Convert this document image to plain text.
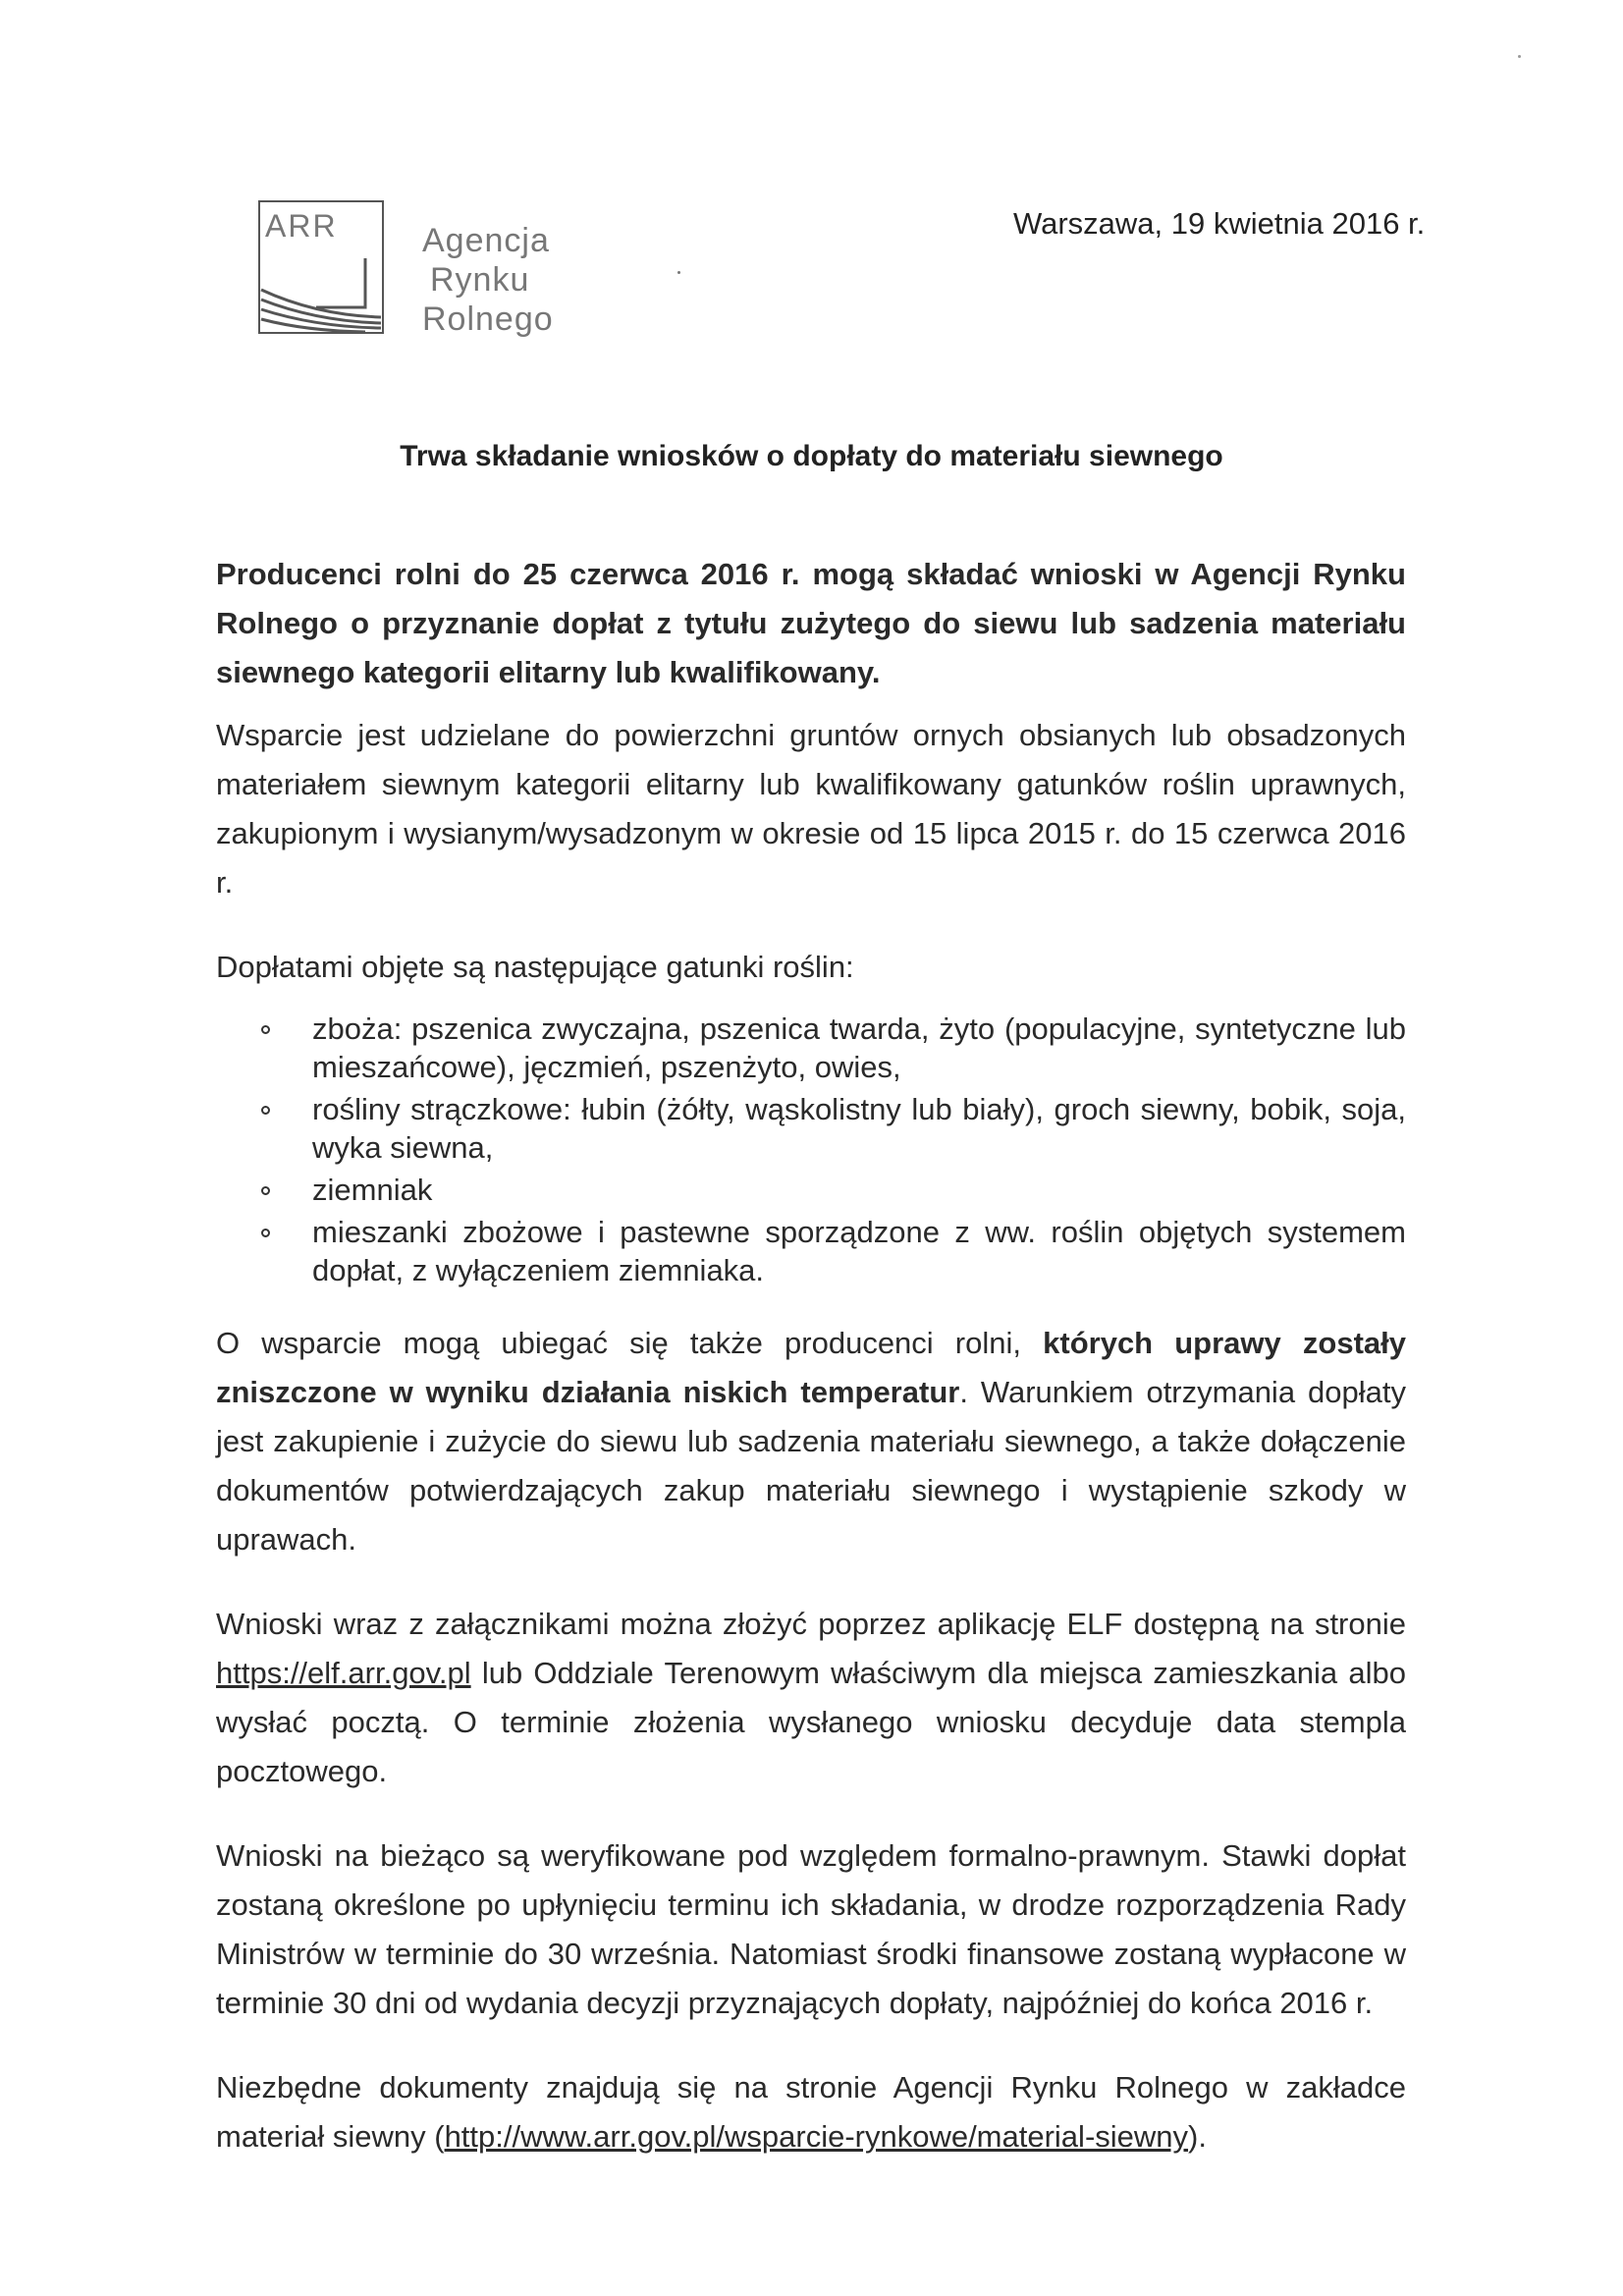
ARR	Agencja
Rynku
Rolnego
Warszawa, 19 kwietnia 2016 r.
Trwa składanie wniosków o dopłaty do materiału siewnego

Producenci rolni do 25 czerwca 2016 r. mogą składać wnioski w Agencji Rynku Rolnego o przyznanie dopłat z tytułu zużytego do siewu lub sadzenia materiału siewnego kategorii elitarny lub kwalifikowany.

Wsparcie jest udzielane do powierzchni gruntów ornych obsianych lub obsadzonych materiałem siewnym kategorii elitarny lub kwalifikowany gatunków roślin uprawnych, zakupionym i wysianym/wysadzonym w okresie od 15 lipca 2015 r. do 15 czerwca 2016 r.

Dopłatami objęte są następujące gatunki roślin:

zboża: pszenica zwyczajna, pszenica twarda, żyto (populacyjne, syntetyczne lub mieszańcowe), jęczmień, pszenżyto, owies,
rośliny strączkowe: łubin (żółty, wąskolistny lub biały), groch siewny, bobik, soja, wyka siewna,
ziemniak
mieszanki zbożowe i pastewne sporządzone z ww. roślin objętych systemem dopłat, z wyłączeniem ziemniaka.

O wsparcie mogą ubiegać się także producenci rolni, których uprawy zostały zniszczone w wyniku działania niskich temperatur. Warunkiem otrzymania dopłaty jest zakupienie i zużycie do siewu lub sadzenia materiału siewnego, a także dołączenie dokumentów potwierdzających zakup materiału siewnego i wystąpienie szkody w uprawach.

Wnioski wraz z załącznikami można złożyć poprzez aplikację ELF dostępną na stronie https://elf.arr.gov.pl lub Oddziale Terenowym właściwym dla miejsca zamieszkania albo wysłać pocztą. O terminie złożenia wysłanego wniosku decyduje data stempla pocztowego.

Wnioski na bieżąco są weryfikowane pod względem formalno-prawnym. Stawki dopłat zostaną określone po upłynięciu terminu ich składania, w drodze rozporządzenia Rady Ministrów w terminie do 30 września. Natomiast środki finansowe zostaną wypłacone w terminie 30 dni od wydania decyzji przyznających dopłaty, najpóźniej do końca 2016 r.

Niezbędne dokumenty znajdują się na stronie Agencji Rynku Rolnego w zakładce materiał siewny (http://www.arr.gov.pl/wsparcie-rynkowe/material-siewny).
